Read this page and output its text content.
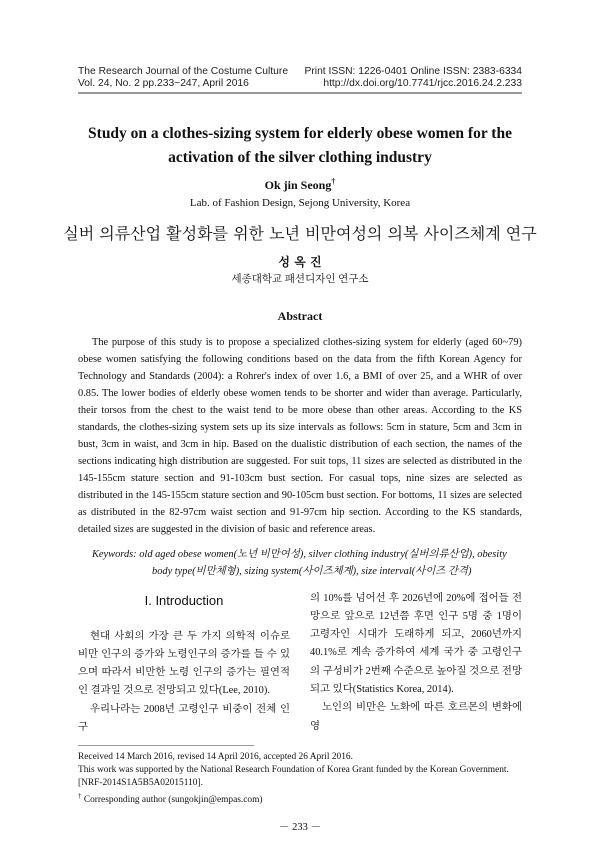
The Research Journal of the Costume Culture
Vol. 24, No. 2 pp.233~247, April 2016
Print ISSN: 1226-0401 Online ISSN: 2383-6334
http://dx.doi.org/10.7741/rjcc.2016.24.2.233
Study on a clothes-sizing system for elderly obese women for the activation of the silver clothing industry
Ok jin Seong†
Lab. of Fashion Design, Sejong University, Korea
실버 의류산업 활성화를 위한 노년 비만여성의 의복 사이즈체계 연구
성 옥 진
세종대학교 패션디자인 연구소
Abstract
The purpose of this study is to propose a specialized clothes-sizing system for elderly (aged 60~79) obese women satisfying the following conditions based on the data from the fifth Korean Agency for Technology and Standards (2004): a Rohrer's index of over 1.6, a BMI of over 25, and a WHR of over 0.85. The lower bodies of elderly obese women tends to be shorter and wider than average. Particularly, their torsos from the chest to the waist tend to be more obese than other areas. According to the KS standards, the clothes-sizing system sets up its size intervals as follows: 5cm in stature, 5cm and 3cm in bust, 3cm in waist, and 3cm in hip. Based on the dualistic distribution of each section, the names of the sections indicating high distribution are suggested. For suit tops, 11 sizes are selected as distributed in the 145-155cm stature section and 91-103cm bust section. For casual tops, nine sizes are selected as distributed in the 145-155cm stature section and 90-105cm bust section. For bottoms, 11 sizes are selected as distributed in the 82-97cm waist section and 91-97cm hip section. According to the KS standards, detailed sizes are suggested in the division of basic and reference areas.
Keywords: old aged obese women(노년 비만여성), silver clothing industry(실버의류산업), obesity body type(비만체형), sizing system(사이즈체계), size interval(사이즈 간격)
I. Introduction

현대 사회의 가장 큰 두 가지 의학적 이슈로 비만 인구의 증가와 노령인구의 증가를 들 수 있으며 따라서 비만한 노령 인구의 증가는 필연적인 결과일 것으로 전망되고 있다(Lee, 2010).

우리나라는 2008년 고령인구 비중이 전체 인구

의 10%를 넘어선 후 2026년에 20%에 접어들 전망으로 앞으로 12년쯤 후면 인구 5명 중 1명이 고령자인 시대가 도래하게 되고, 2060년까지 40.1%로 계속 증가하여 세계 국가 중 고령인구의 구성비가 2번째 수준으로 높아질 것으로 전망되고 있다(Statistics Korea, 2014).

노인의 비만은 노화에 따른 호르몬의 변화에 영

Received 14 March 2016, revised 14 April 2016, accepted 26 April 2016.
This work was supported by the National Research Foundation of Korea Grant funded by the Korean Government. [NRF-2014S1A5B5A02015110].
† Corresponding author (sungokjin@empas.com)
－ 233 －
